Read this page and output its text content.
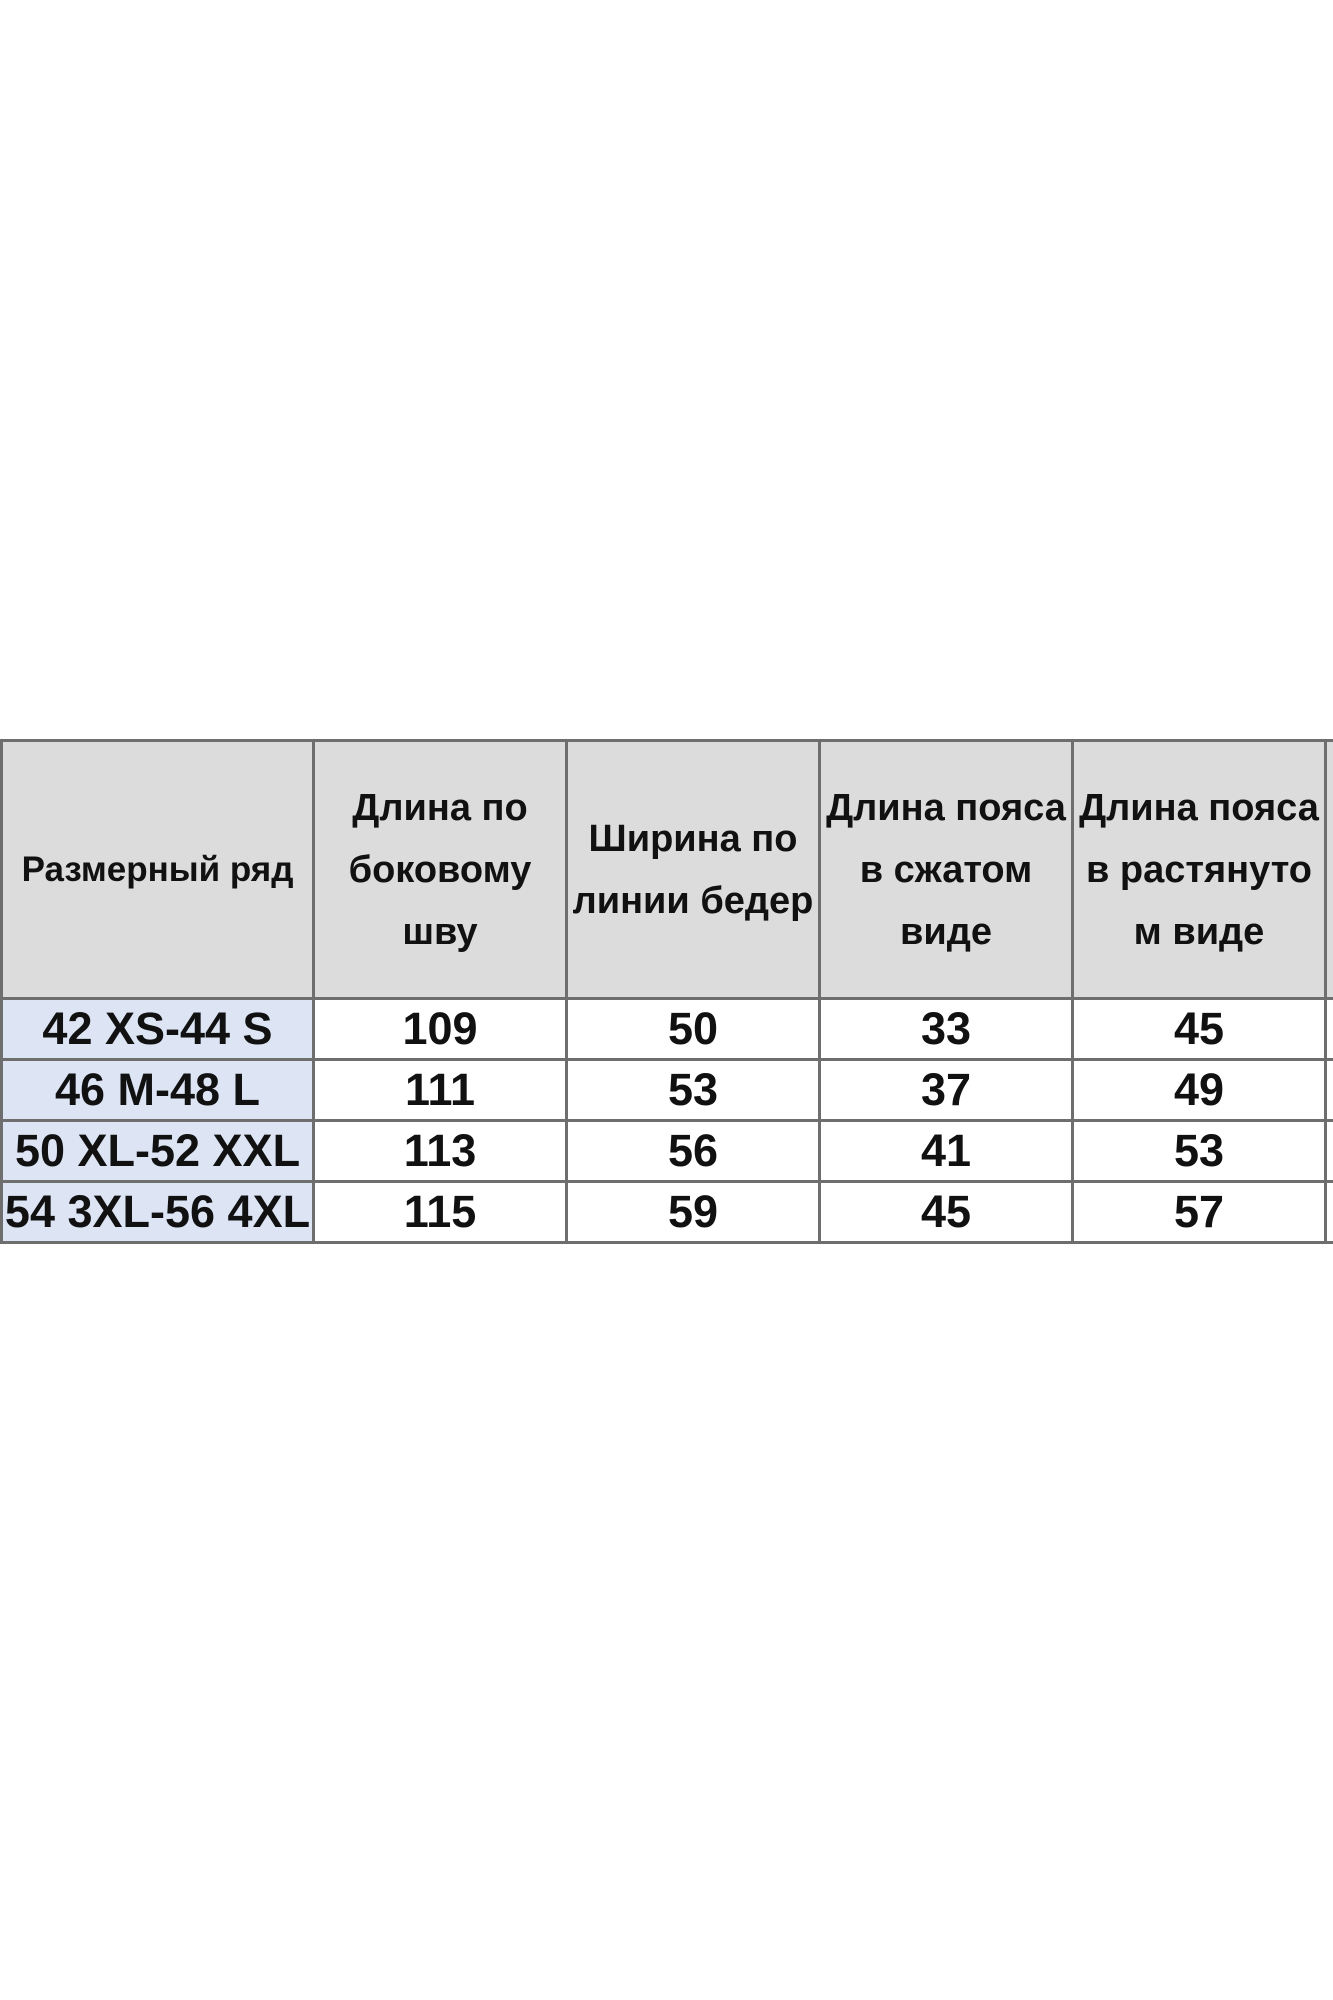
Размерный ряд	Длина по боковому шву	Ширина по линии бедер	Длина пояса в сжатом виде	Длина пояса в растянуто м виде	
42 XS-44 S	109	50	33	45	
46 M-48 L	111	53	37	49	
50 XL-52 XXL	113	56	41	53	
54 3XL-56 4XL	115	59	45	57	
